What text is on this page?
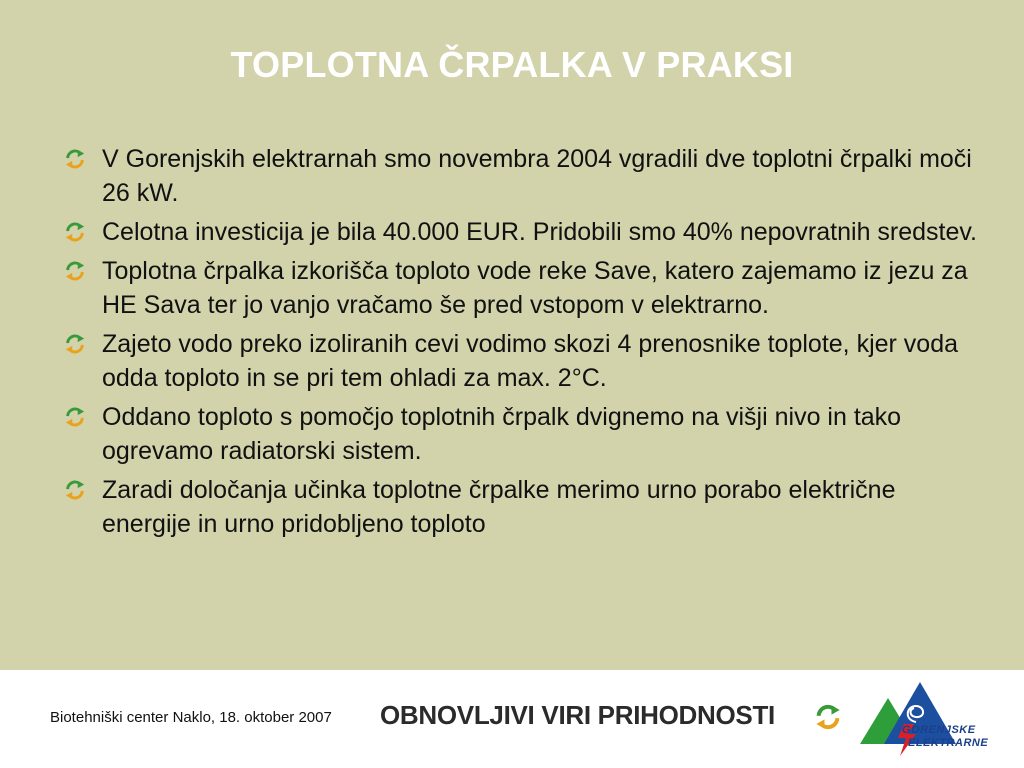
TOPLOTNA ČRPALKA V PRAKSI
V Gorenjskih elektrarnah smo novembra 2004 vgradili dve toplotni črpalki moči 26 kW.
Celotna investicija je bila 40.000 EUR. Pridobili smo 40% nepovratnih sredstev.
Toplotna črpalka izkorišča toploto vode reke Save, katero zajemamo iz jezu za HE Sava ter jo vanjo vračamo še pred vstopom v elektrarno.
Zajeto vodo preko izoliranih cevi vodimo skozi 4 prenosnike toplote, kjer voda odda toploto in se pri tem ohladi za max. 2°C.
Oddano toploto s pomočjo toplotnih črpalk dvignemo na višji nivo in tako ogrevamo radiatorski sistem.
Zaradi določanja učinka toplotne črpalke merimo urno porabo električne energije in urno pridobljeno toploto
Biotehniški center Naklo, 18. oktober 2007 OBNOVLJIVI VIRI PRIHODNOSTI	GORENJSKE
ELEKTRARNE
